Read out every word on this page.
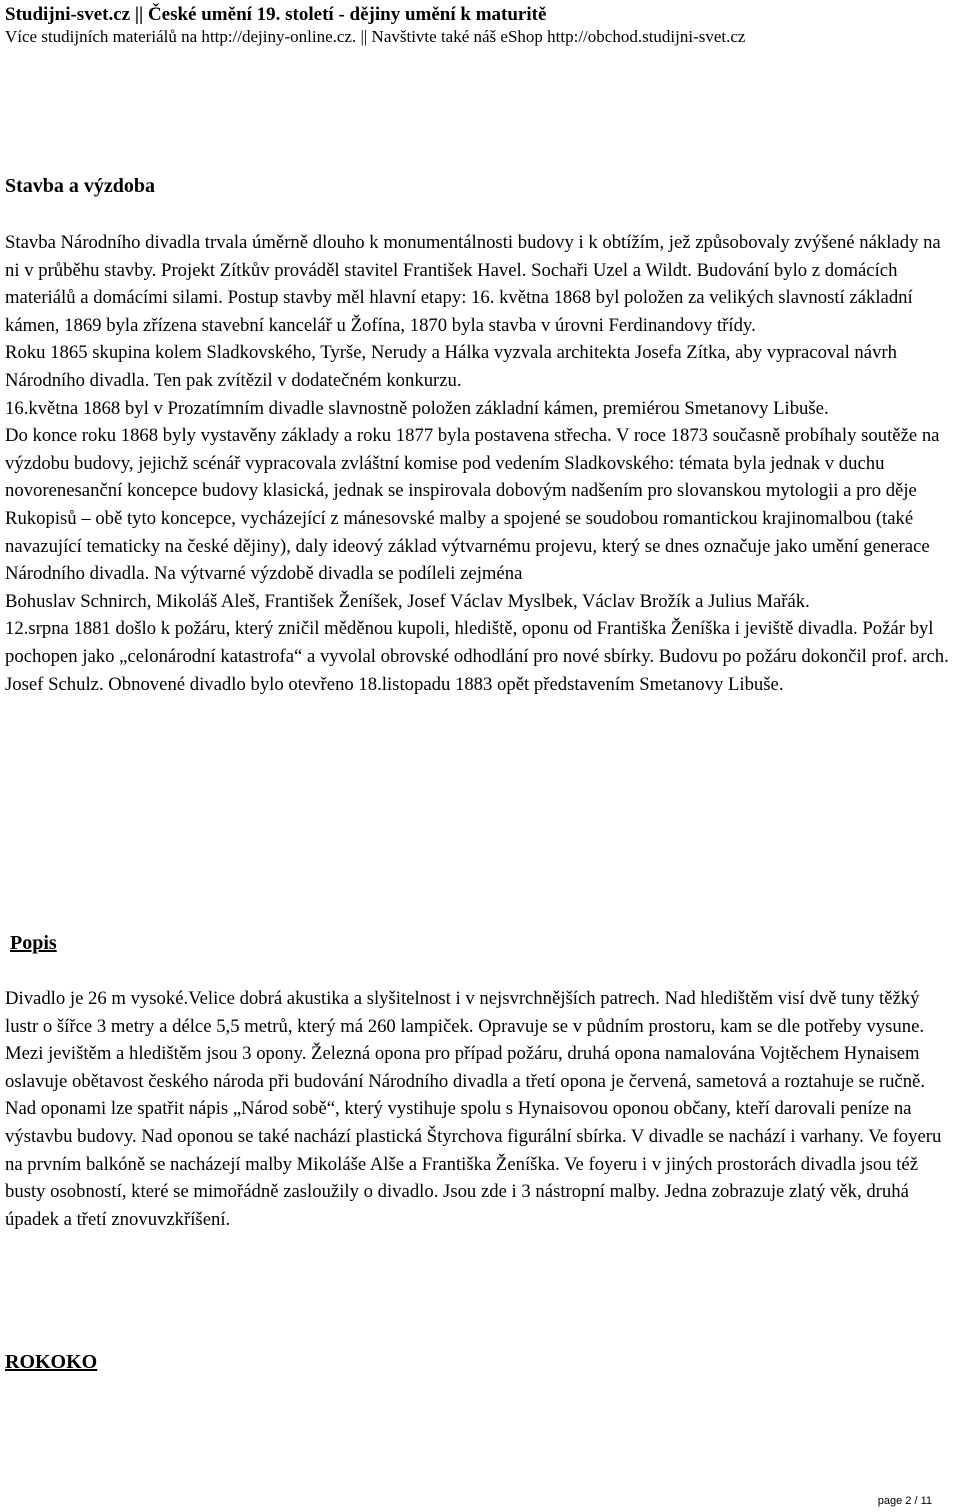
Studijni-svet.cz || České umění 19. století - dějiny umění k maturitě

Více studijních materiálů na http://dejiny-online.cz. || Navštivte také náš eShop http://obchod.studijni-svet.cz

Stavba a výzdoba

Stavba Národního divadla trvala úměrně dlouho k monumentálnosti budovy i k obtížím, jež způsobovaly zvýšené náklady na ni v průběhu stavby. Projekt Zítkův prováděl stavitel František Havel. Sochaři Uzel a Wildt. Budování bylo z domácích materiálů a domácími silami. Postup stavby měl hlavní etapy: 16. května 1868 byl položen za velikých slavností základní kámen, 1869 byla zřízena stavební kancelář u Žofína, 1870 byla stavba v úrovni Ferdinandovy třídy.

Roku 1865 skupina kolem Sladkovského, Tyrše, Nerudy a Hálka vyzvala architekta Josefa Zítka, aby vypracoval návrh Národního divadla. Ten pak zvítězil v dodatečném konkurzu.

16.května 1868 byl v Prozatímním divadle slavnostně položen základní kámen, premiérou Smetanovy Libuše.

Do konce roku 1868 byly vystavěny základy a roku 1877 byla postavena střecha. V roce 1873 současně probíhaly soutěže na výzdobu budovy, jejichž scénář vypracovala zvláštní komise pod vedením Sladkovského: témata byla jednak v duchu novorenesanční koncepce budovy klasická, jednak se inspirovala dobovým nadšením pro slovanskou mytologii a pro děje Rukopisů – obě tyto koncepce, vycházející z mánesovské malby a spojené se soudobou romantickou krajinomalbou (také navazující tematicky na české dějiny), daly ideový základ výtvarnému projevu, který se dnes označuje jako umění generace Národního divadla. Na výtvarné výzdobě divadla se podíleli zejména

Bohuslav Schnirch, Mikoláš Aleš, František Ženíšek, Josef Václav Myslbek, Václav Brožík a Julius Mařák.

12.srpna 1881 došlo k požáru, který zničil měděnou kupoli, hlediště, oponu od Františka Ženíška i jeviště divadla. Požár byl pochopen jako „celonárodní katastrofa“ a vyvolal obrovské odhodlání pro nové sbírky. Budovu po požáru dokončil prof. arch. Josef Schulz. Obnovené divadlo bylo otevřeno 18.listopadu 1883 opět představením Smetanovy Libuše.

Popis

Divadlo je 26 m vysoké.Velice dobrá akustika a slyšitelnost i v nejsvrchnějších patrech. Nad hledištěm visí dvě tuny těžký lustr o šířce 3 metry a délce 5,5 metrů, který má 260 lampiček. Opravuje se v půdním prostoru, kam se dle potřeby vysune. Mezi jevištěm a hledištěm jsou 3 opony. Železná opona pro případ požáru, druhá opona namalována Vojtěchem Hynaisem oslavuje obětavost českého národa při budování Národního divadla a třetí opona je červená, sametová a roztahuje se ručně. Nad oponami lze spatřit nápis „Národ sobě“, který vystihuje spolu s Hynaisovou oponou občany, kteří darovali peníze na výstavbu budovy. Nad oponou se také nachází plastická Štyrchova figurální sbírka. V divadle se nachází i varhany. Ve foyeru na prvním balkóně se nacházejí malby Mikoláše Alše a Františka Ženíška. Ve foyeru i v jiných prostorách divadla jsou též busty osobností, které se mimořádně zasloužily o divadlo. Jsou zde i 3 nástropní malby. Jedna zobrazuje zlatý věk, druhá úpadek a třetí znovuvzkříšení.

ROKOKO

page 2 / 11
